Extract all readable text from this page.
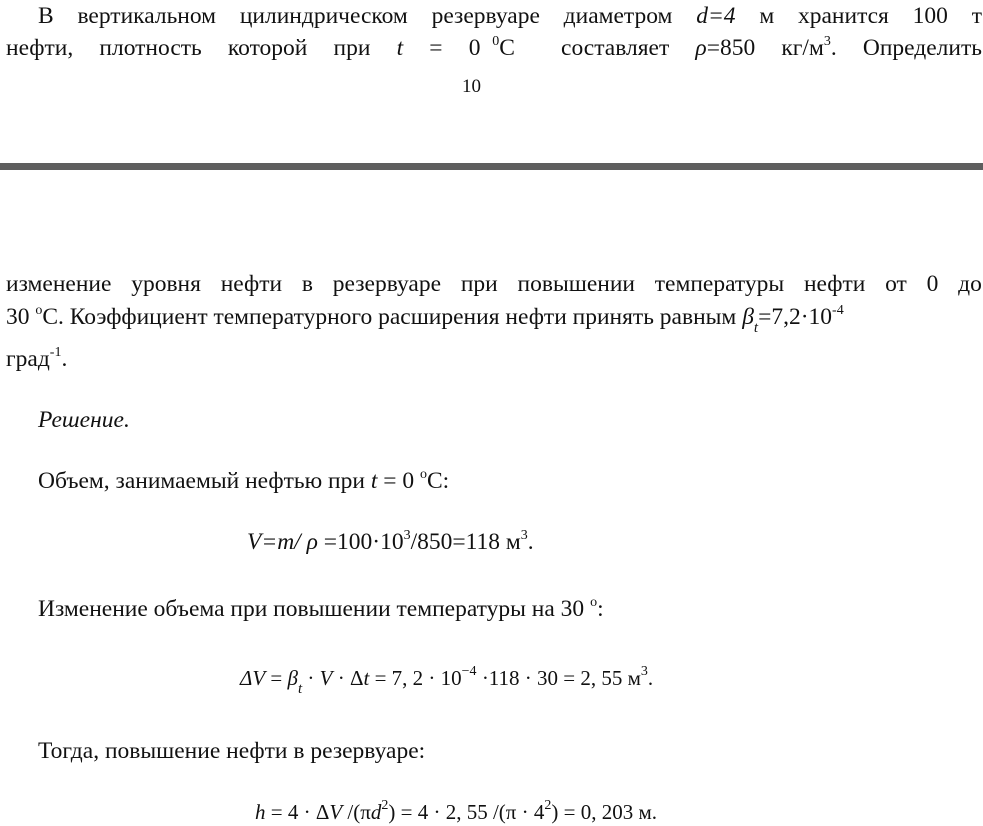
В вертикальном цилиндрическом резервуаре диаметром d=4 м хранится 100 т
нефти, плотность которой при t = 0 $^0$C составляет ρ=850 $кг/м^3$. Определить
10
изменение уровня нефти в резервуаре при повышении температуры нефти от 0 до
30 $^o$C. Коэффициент температурного расширения нефти принять равным $\beta_t=7,2\cdot 10^{-4}$
град$^{-1}$.
Решение.
Объем, занимаемый нефтью при t = 0 $^o$C:
V=m/ $\rho =100\cdot 10^3/850=118$ $м^3$.
Изменение объема при повышении температуры на 30 $^o$:
$\Delta V = \beta_t \cdot V \cdot \Delta t = 7$, $2 \cdot 10^{-4} \cdot 118 \cdot 30 = 2$, 55 $м^3$.
Тогда, повышение нефти в резервуаре:
h = 4 · ΔV $/(\pi d^2) = 4 \cdot 2$, 55 $/(\pi \cdot 4^2) = 0$, 203 м.
